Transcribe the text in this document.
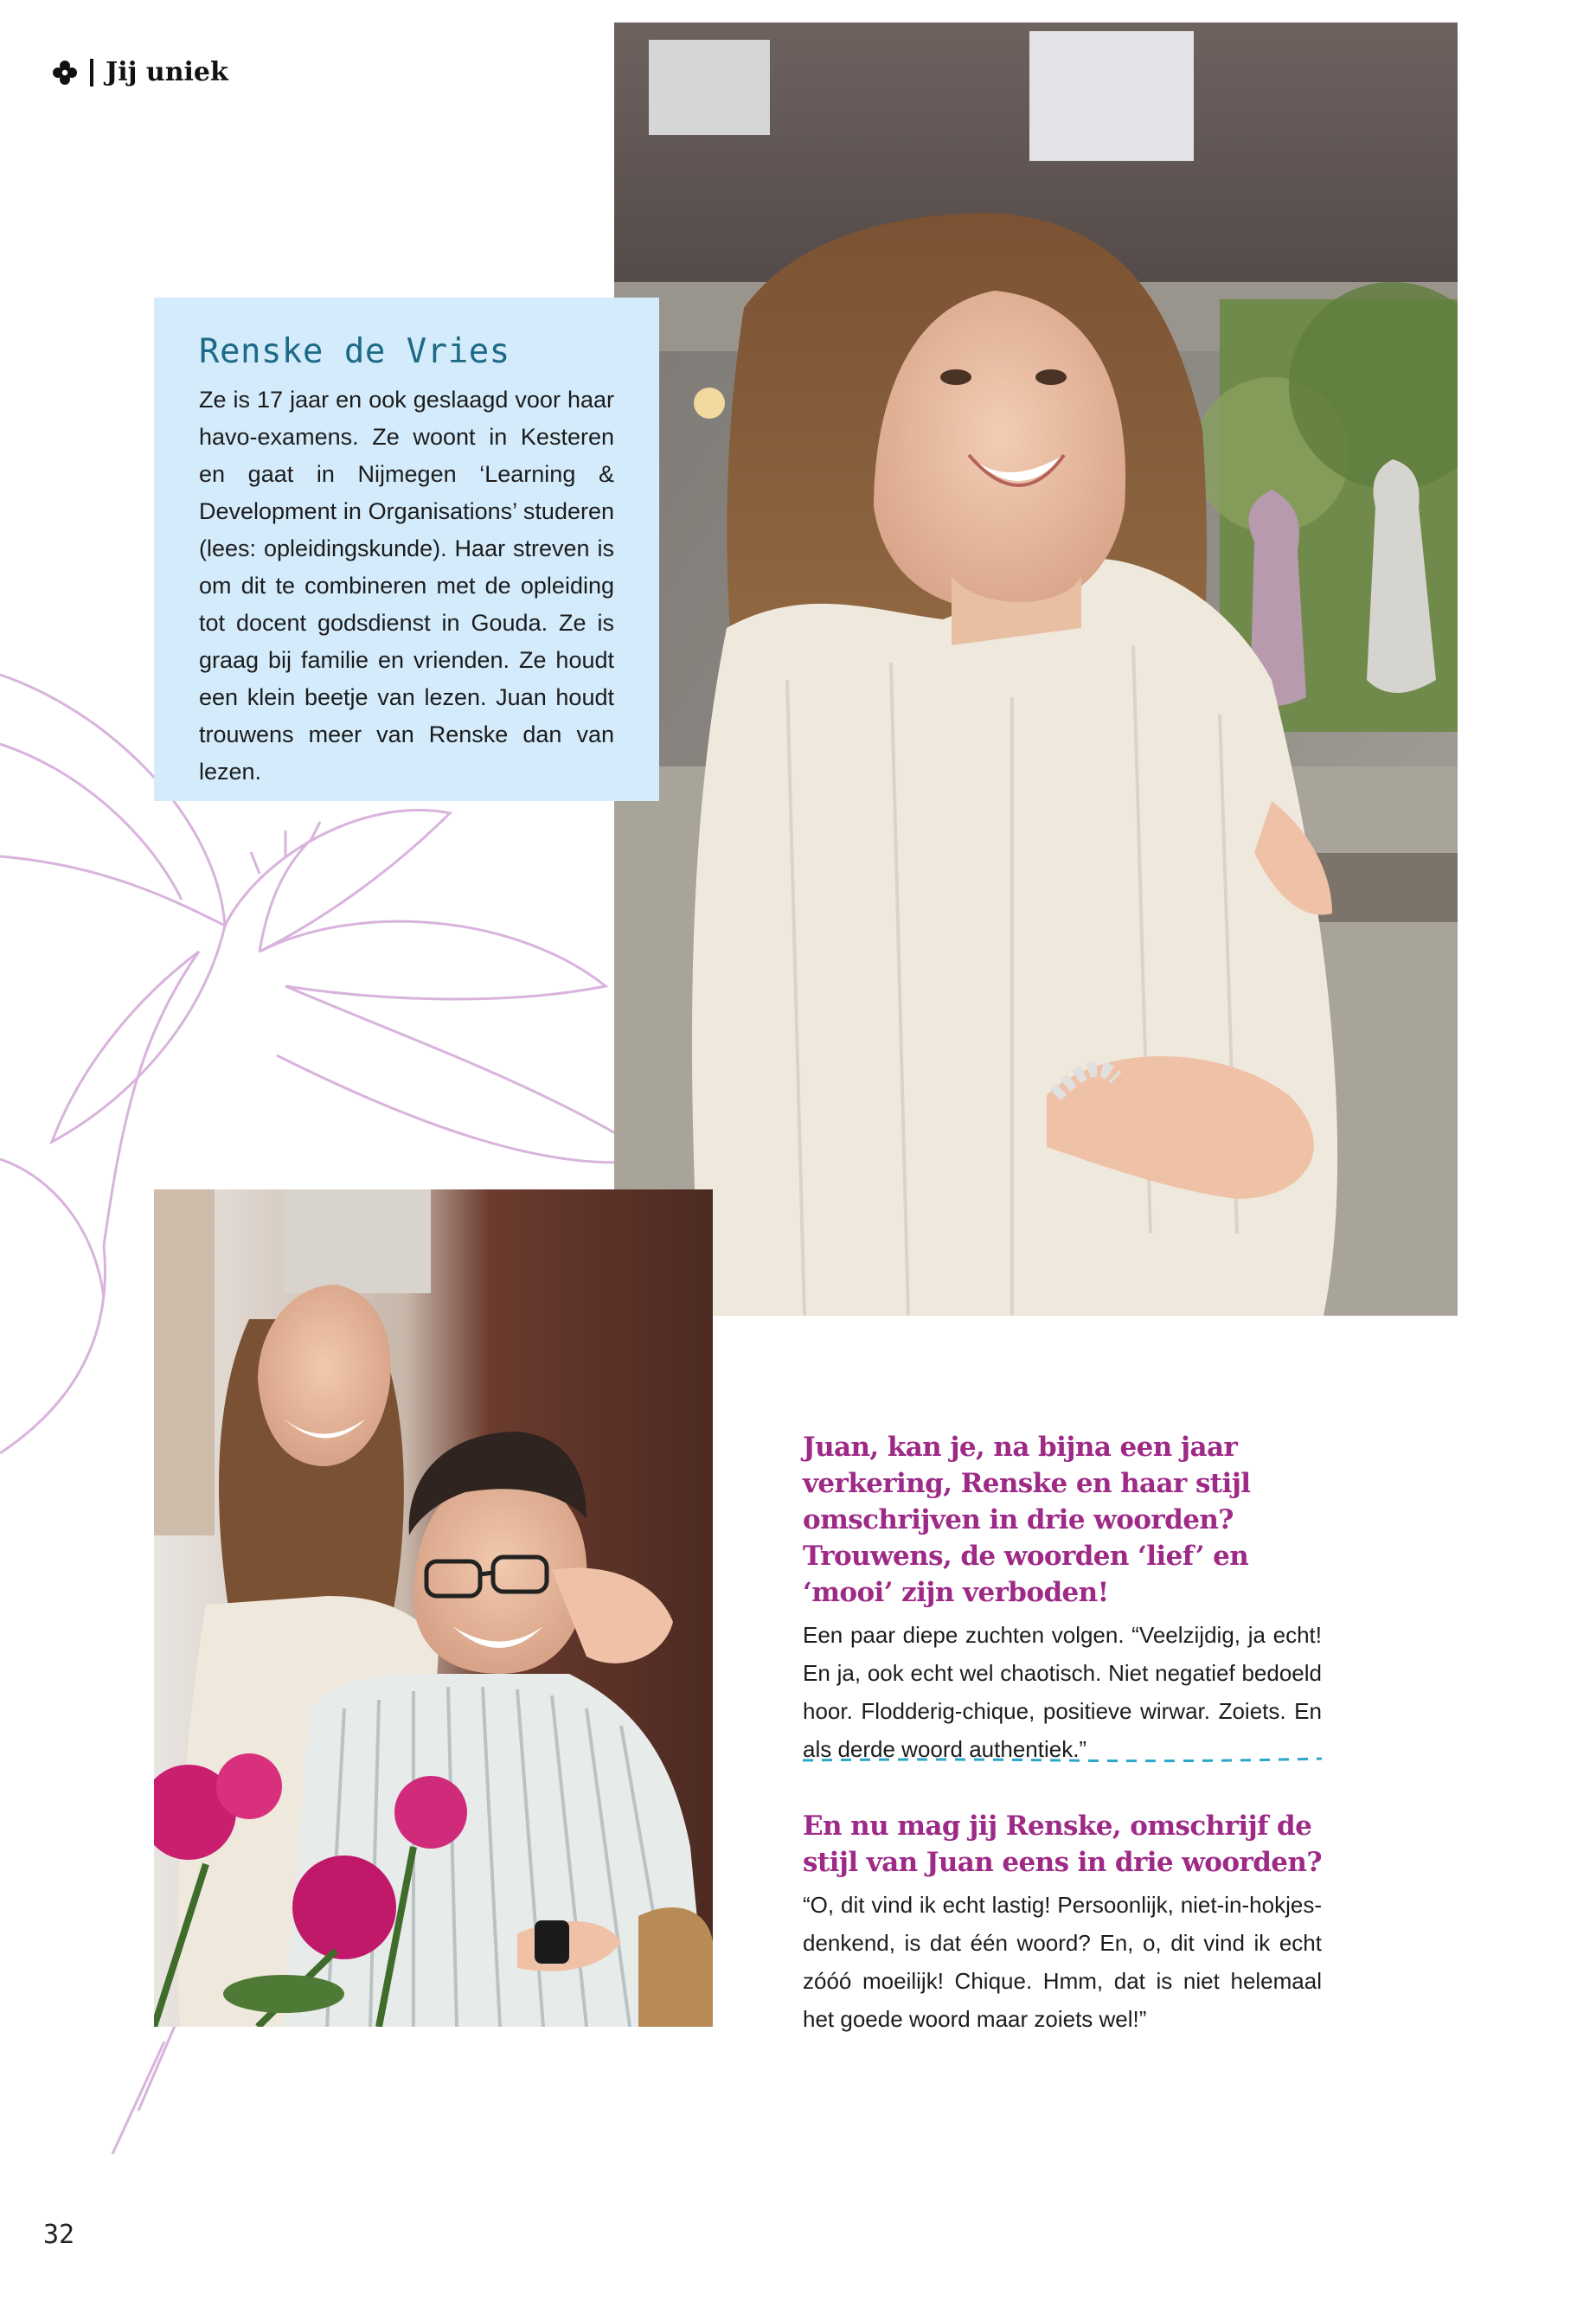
Jij uniek
Renske de Vries

Ze is 17 jaar en ook geslaagd voor haar havo-examens. Ze woont in Kesteren en gaat in Nijmegen ‘Learning & Development in Organisations’ studeren (lees: opleidingskunde). Haar streven is om dit te combineren met de opleiding tot docent godsdienst in Gouda. Ze is graag bij familie en vrienden. Ze houdt een klein beetje van lezen. Juan houdt trouwens meer van Renske dan van lezen.

Juan, kan je, na bijna een jaar verkering, Renske en haar stijl omschrijven in drie woorden? Trouwens, de woorden ‘lief’ en ‘mooi’ zijn verboden!

Een paar diepe zuchten volgen. “Veelzijdig, ja echt! En ja, ook echt wel chaotisch. Niet negatief bedoeld hoor. Flodderig-chique, positieve wirwar. Zoiets. En als derde woord authentiek.”

En nu mag jij Renske, omschrijf de stijl van Juan eens in drie woorden?

“O, dit vind ik echt lastig! Persoonlijk, niet-in-hokjes-denkend, is dat één woord? En, o, dit vind ik echt zóóó moeilijk! Chique. Hmm, dat is niet helemaal het goede woord maar zoiets wel!”

32
